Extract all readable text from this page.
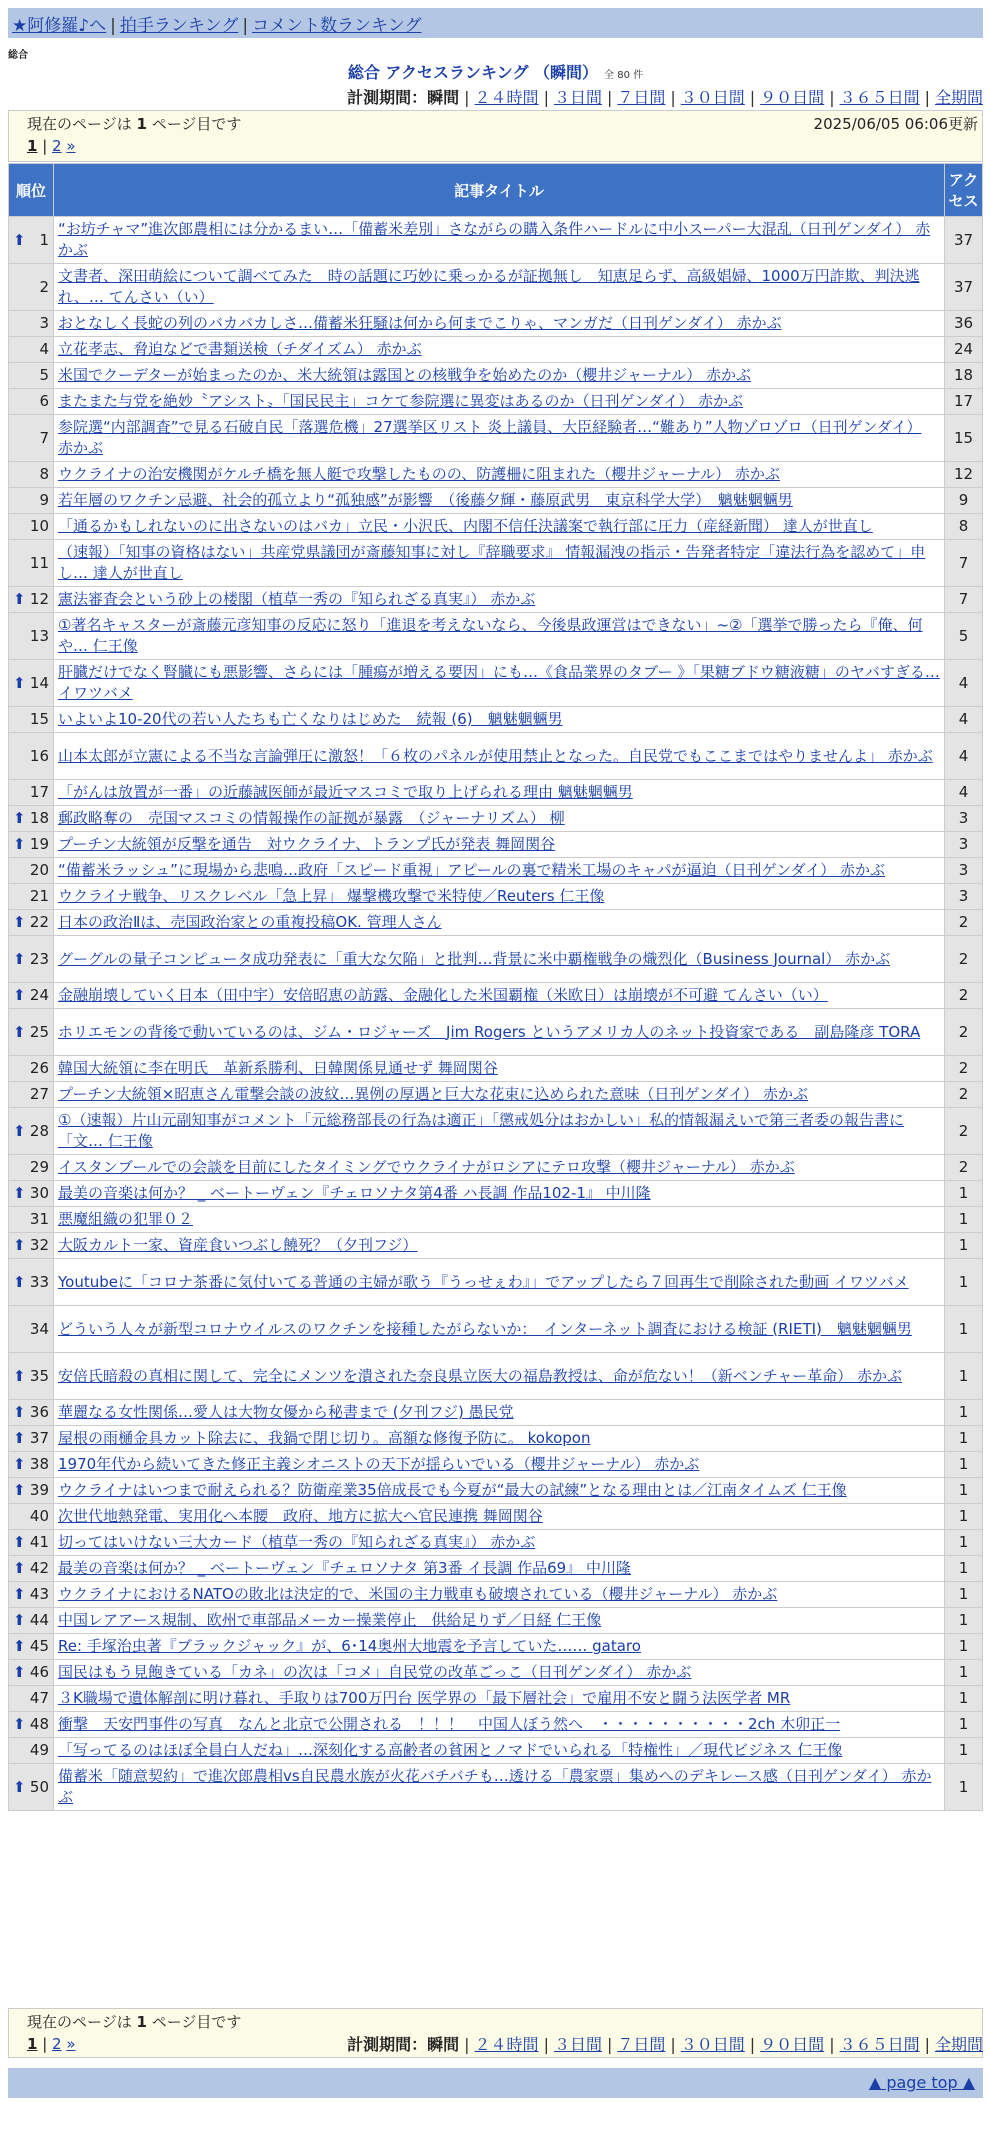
★阿修羅♪へ | 拍手ランキング | コメント数ランキング
総合
総合 アクセスランキング （瞬間） 全 80 件
計測期間：瞬間 | ２４時間 | ３日間 | ７日間 | ３０日間 | ９０日間 | ３６５日間 | 全期間
現在のページは 1 ページ目です	2025/06/05 06:06更新
1 | 2 »
順位	記事タイトル	アクセス

⬆ 1	“お坊チャマ”進次郎農相には分かるまい…「備蓄米差別」さながらの購入条件ハードルに中小スーパー大混乱（日刊ゲンダイ） 赤かぶ	37
2	文書者、深田萌絵について調べてみた　時の話題に巧妙に乗っかるが証拠無し　知恵足らず、高級娼婦、1000万円詐欺、判決逃れ、… てんさい（い）	37
3	おとなしく長蛇の列のバカバカしさ…備蓄米狂騒は何から何までこりゃ、マンガだ（日刊ゲンダイ） 赤かぶ	36
4	立花孝志、脅迫などで書類送検（チダイズム） 赤かぶ	24
5	米国でクーデターが始まったのか、米大統領は露国との核戦争を始めたのか（櫻井ジャーナル） 赤かぶ	18
6	またまた与党を絶妙〝アシスト〟「国民民主」コケて参院選に異変はあるのか（日刊ゲンダイ） 赤かぶ	17
7	参院選“内部調査”で見る石破自民「落選危機」27選挙区リスト 炎上議員、大臣経験者…“難あり”人物ゾロゾロ（日刊ゲンダイ） 赤かぶ	15
8	ウクライナの治安機関がケルチ橋を無人艇で攻撃したものの、防護柵に阻まれた（櫻井ジャーナル） 赤かぶ	12
9	若年層のワクチン忌避、社会的孤立より“孤独感”が影響　（後藤夕輝・藤原武男　東京科学大学）　魑魅魍魎男	9
10	「通るかもしれないのに出さないのはバカ」立民・小沢氏、内閣不信任決議案で執行部に圧力（産経新聞） 達人が世直し	8
11	（速報）「知事の資格はない」共産党県議団が斎藤知事に対し『辞職要求』 情報漏洩の指示・告発者特定「違法行為を認めて」申し… 達人が世直し	7

⬆ 12	憲法審査会という砂上の楼閣（植草一秀の『知られざる真実』） 赤かぶ	7
13	①著名キャスターが斎藤元彦知事の反応に怒り「進退を考えないなら、今後県政運営はできない」~②「選挙で勝ったら『俺、何や… 仁王像	5

⬆ 14	肝臓だけでなく腎臓にも悪影響、さらには「腫瘍が増える要因」にも…《食品業界のタブー 》「果糖ブドウ糖液糖」のヤバすぎる… イワツバメ	4
15	いよいよ10-20代の若い人たちも亡くなりはじめた　続報 (6)　魑魅魍魎男	4
16	山本太郎が立憲による不当な言論弾圧に激怒！「６枚のパネルが使用禁止となった。自民党でもここまではやりませんよ」 赤かぶ	4
17	「がんは放置が一番」の近藤誠医師が最近マスコミで取り上げられる理由 魑魅魍魎男	4

⬆ 18	郵政略奪の　売国マスコミの情報操作の証拠が暴露　（ジャーナリズム） 柳	3

⬆ 19	プーチン大統領が反撃を通告　対ウクライナ、トランプ氏が発表 舞岡関谷	3
20	“備蓄米ラッシュ”に現場から悲鳴…政府「スピード重視」アピールの裏で精米工場のキャパが逼迫（日刊ゲンダイ） 赤かぶ	3
21	ウクライナ戦争、リスクレベル「急上昇」 爆撃機攻撃で米特使／Reuters 仁王像	3

⬆ 22	日本の政治Ⅱは、売国政治家との重複投稿OK. 管理人さん	2

⬆ 23	グーグルの量子コンピュータ成功発表に「重大な欠陥」と批判…背景に米中覇権戦争の熾烈化（Business Journal） 赤かぶ	2

⬆ 24	金融崩壊していく日本（田中宇）安倍昭恵の訪露、金融化した米国覇権（米欧日）は崩壊が不可避 てんさい（い）	2

⬆ 25	ホリエモンの背後で動いているのは、ジム・ロジャーズ　Jim Rogers というアメリカ人のネット投資家である　副島隆彦 TORA	2
26	韓国大統領に李在明氏　革新系勝利、日韓関係見通せず 舞岡関谷	2
27	プーチン大統領×昭恵さん電撃会談の波紋…異例の厚遇と巨大な花束に込められた意味（日刊ゲンダイ） 赤かぶ	2

⬆ 28	①（速報）片山元副知事がコメント「元総務部長の行為は適正」「懲戒処分はおかしい」私的情報漏えいで第三者委の報告書に「文… 仁王像	2
29	イスタンブールでの会談を目前にしたタイミングでウクライナがロシアにテロ攻撃（櫻井ジャーナル） 赤かぶ	2

⬆ 30	最美の音楽は何か？ _ ベートーヴェン『チェロソナタ第4番 ハ長調 作品102-1』 中川隆	1
31	悪魔組織の犯罪０２	1

⬆ 32	大阪カルト一家、資産食いつぶし饒死？（夕刊フジ）	1

⬆ 33	Youtubeに「コロナ茶番に気付いてる普通の主婦が歌う『うっせぇわ』」でアップしたら７回再生で削除された動画 イワツバメ	1
34	どういう人々が新型コロナウイルスのワクチンを接種したがらないか：　インターネット調査における検証 (RIETI)　魑魅魍魎男	1

⬆ 35	安倍氏暗殺の真相に関して、完全にメンツを潰された奈良県立医大の福島教授は、命が危ない！（新ベンチャー革命） 赤かぶ	1

⬆ 36	華麗なる女性関係…愛人は大物女優から秘書まで (夕刊フジ) 愚民党	1

⬆ 37	屋根の雨樋金具カット除去に、我鍋で閉じ切り。高額な修復予防に。 kokopon	1

⬆ 38	1970年代から続いてきた修正主義シオニストの天下が揺らいでいる（櫻井ジャーナル） 赤かぶ	1

⬆ 39	ウクライナはいつまで耐えられる？防衛産業35倍成長でも今夏が“最大の試練”となる理由とは／江南タイムズ 仁王像	1
40	次世代地熱発電、実用化へ本腰　政府、地方に拡大へ官民連携 舞岡関谷	1

⬆ 41	切ってはいけない三大カード（植草一秀の『知られざる真実』） 赤かぶ	1

⬆ 42	最美の音楽は何か？ _ ベートーヴェン『チェロソナタ 第3番 イ長調 作品69』 中川隆	1

⬆ 43	ウクライナにおけるNATOの敗北は決定的で、米国の主力戦車も破壊されている（櫻井ジャーナル） 赤かぶ	1

⬆ 44	中国レアアース規制、欧州で車部品メーカー操業停止　供給足りず／日経 仁王像	1

⬆ 45	Re: 手塚治虫著『ブラックジャック』が、6･14奥州大地震を予言していた…… gataro	1

⬆ 46	国民はもう見飽きている「カネ」の次は「コメ」自民党の改革ごっこ（日刊ゲンダイ） 赤かぶ	1
47	３K職場で遺体解剖に明け暮れ、手取りは700万円台 医学界の「最下層社会」で雇用不安と闘う法医学者 MR	1

⬆ 48	衝撃　天安門事件の写真　なんと北京で公開される　！！！　中国人ぼう然へ　・・・・・・・・・・2ch 木卯正一	1
49	「写ってるのはほぼ全員白人だね」…深刻化する高齢者の貧困とノマドでいられる「特権性」／現代ビジネス 仁王像	1

⬆ 50	備蓄米「随意契約」で進次郎農相vs自民農水族が火花バチバチも…透ける「農家票」集めへのデキレース感（日刊ゲンダイ） 赤かぶ	1
現在のページは 1 ページ目です
1 | 2 »	計測期間：瞬間 | ２４時間 | ３日間 | ７日間 | ３０日間 | ９０日間 | ３６５日間 | 全期間
▲ page top ▲
